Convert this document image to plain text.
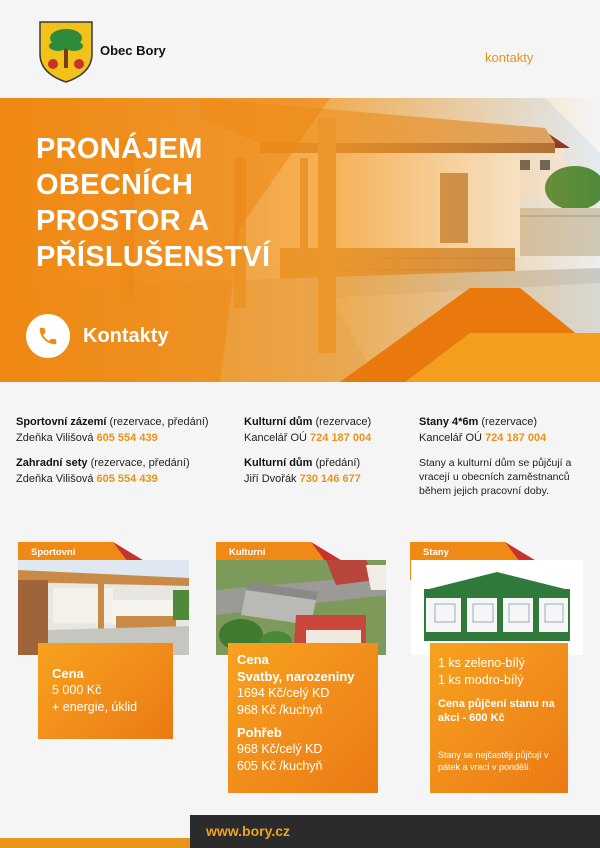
Obec Bory	kontakty
PRONÁJEM
OBECNÍCH
PROSTOR A
PŘÍSLUŠENSTVÍ
Kontakty
Sportovní zázemí (rezervace, předání)
Zdeňka Vilišová 605 554 439
Zahradní sety (rezervace, předání)
Zdeňka Vilišová 605 554 439
Kulturní dům (rezervace)
Kancelář OÚ 724 187 004
Kulturní dům (předání)
Jiří Dvořák 730 146 677
Stany 4*6m (rezervace)
Kancelář OÚ 724 187 004
Stany a kulturní dům se půjčují a vracejí u obecních zaměstnanců během jejich pracovní doby.
Sportovní
Cena
5 000 Kč
+ energie, úklid
Kulturní
Cena
Svatby, narozeniny
1694 Kč/celý KD
968 Kč /kuchyň
Pohřeb
968 Kč/celý KD
605 Kč /kuchyň
Stany
1 ks zeleno-bílý
1 ks modro-bílý
Cena půjčení stanu na akci - 600 Kč
Stany se nejčastěji půjčují v pátek a vrací v pondělí.
www.bory.cz
